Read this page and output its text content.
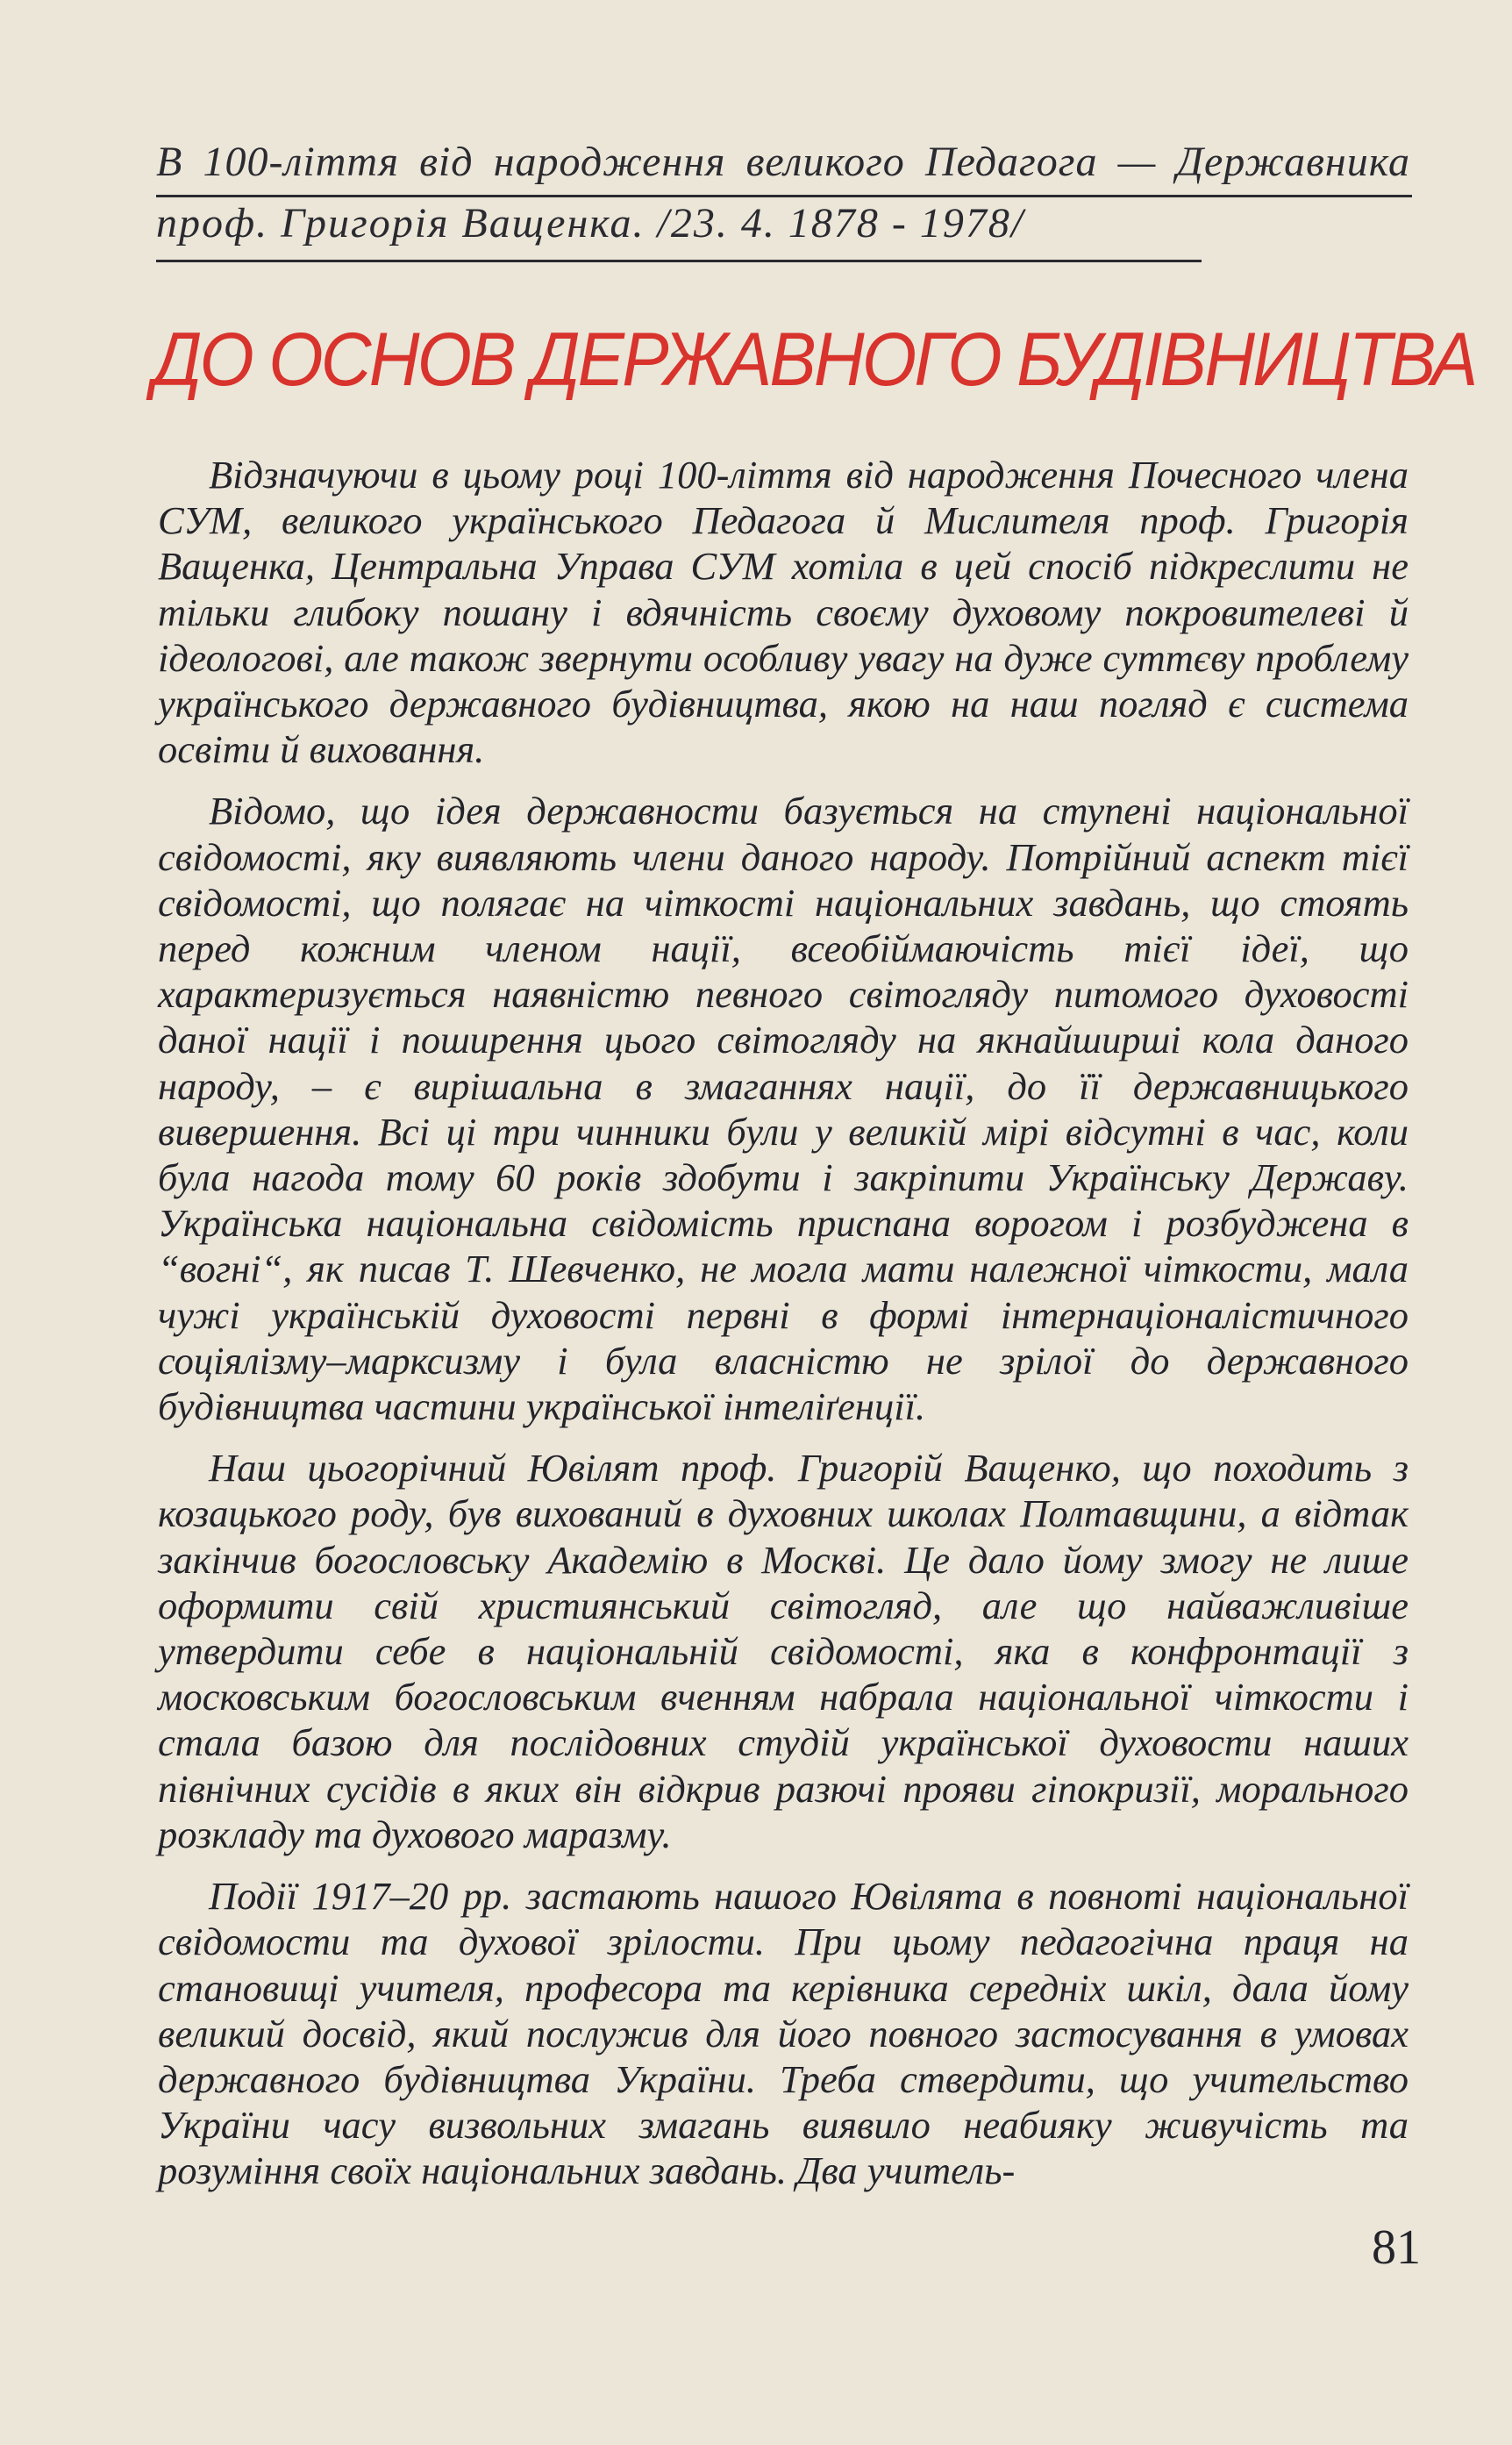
В 100-ліття від народження великого Педагога — Державника
проф. Григорія Ващенка. /23. 4. 1878 - 1978/
ДО ОСНОВ ДЕРЖАВНОГО БУДІВНИЦТВА

Відзначуючи в цьому році 100-ліття від народження Почесного члена СУМ, великого українського Педагога й Мислителя проф. Григорія Ващенка, Центральна Управа СУМ хотіла в цей спосіб підкреслити не тільки глибоку пошану і вдячність своєму духовому покровителеві й ідеологові, але також звернути особливу увагу на дуже суттєву проблему українського державного будівництва, якою на наш погляд є система освіти й виховання.

Відомо, що ідея державности базується на ступені національної свідомості, яку виявляють члени даного народу. Потрійний аспект тієї свідомості, що полягає на чіткості національних завдань, що стоять перед кожним членом нації, всеобіймаючість тієї ідеї, що характеризується наявністю певного світогляду питомого духовості даної нації і поширення цього світогляду на якнайширші кола даного народу, – є вирішальна в змаганнях нації, до її державницького вивершення. Всі ці три чинники були у великій мірі відсутні в час, коли була нагода тому 60 років здобути і закріпити Українську Державу. Українська національна свідомість приспана ворогом і розбуджена в “вогні“, як писав Т. Шевченко, не могла мати належної чіткости, мала чужі українській духовості первні в формі інтернаціоналістичного соціялізму–марксизму і була власністю не зрілої до державного будівництва частини української інтеліґенції.

Наш цьогорічний Ювілят проф. Григорій Ващенко, що походить з козацького роду, був вихований в духовних школах Полтавщини, а відтак закінчив богословську Академію в Москві. Це дало йому змогу не лише оформити свій християнський світогляд, але що найважливіше утвердити себе в національній свідомості, яка в конфронтації з московським богословським вченням набрала національної чіткости і стала базою для послідовних студій української духовости наших північних сусідів в яких він відкрив разючі прояви гіпокризії, морального розкладу та духового маразму.

Події 1917–20 рр. застають нашого Ювілята в повноті національної свідомости та духової зрілости. При цьому педагогічна праця на становищі учителя, професора та керівника середніх шкіл, дала йому великий досвід, який послужив для його повного застосування в умовах державного будівництва України. Треба ствердити, що учительство України часу визвольних змагань виявило неабияку живучість та розуміння своїх національних завдань. Два учитель-

81
